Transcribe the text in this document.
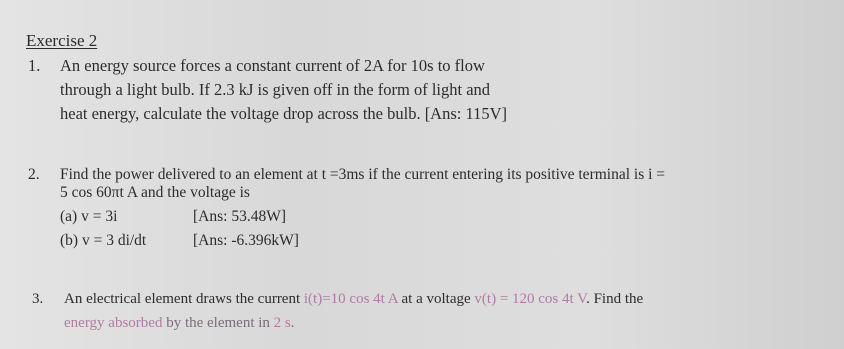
Exercise 2
1. An energy source forces a constant current of 2A for 10s to flow
through a light bulb. If 2.3 kJ is given off in the form of light and
heat energy, calculate the voltage drop across the bulb. [Ans: 115V]
2. Find the power delivered to an element at t =3ms if the current entering its positive terminal is i =
5 cos 60πt A and the voltage is
(a) v = 3i	[Ans: 53.48W]
(b) v = 3 di/dt	[Ans: -6.396kW]
3. An electrical element draws the current i(t)=10 cos 4t A at a voltage v(t) = 120 cos 4t V. Find the
energy absorbed by the element in 2 s.
